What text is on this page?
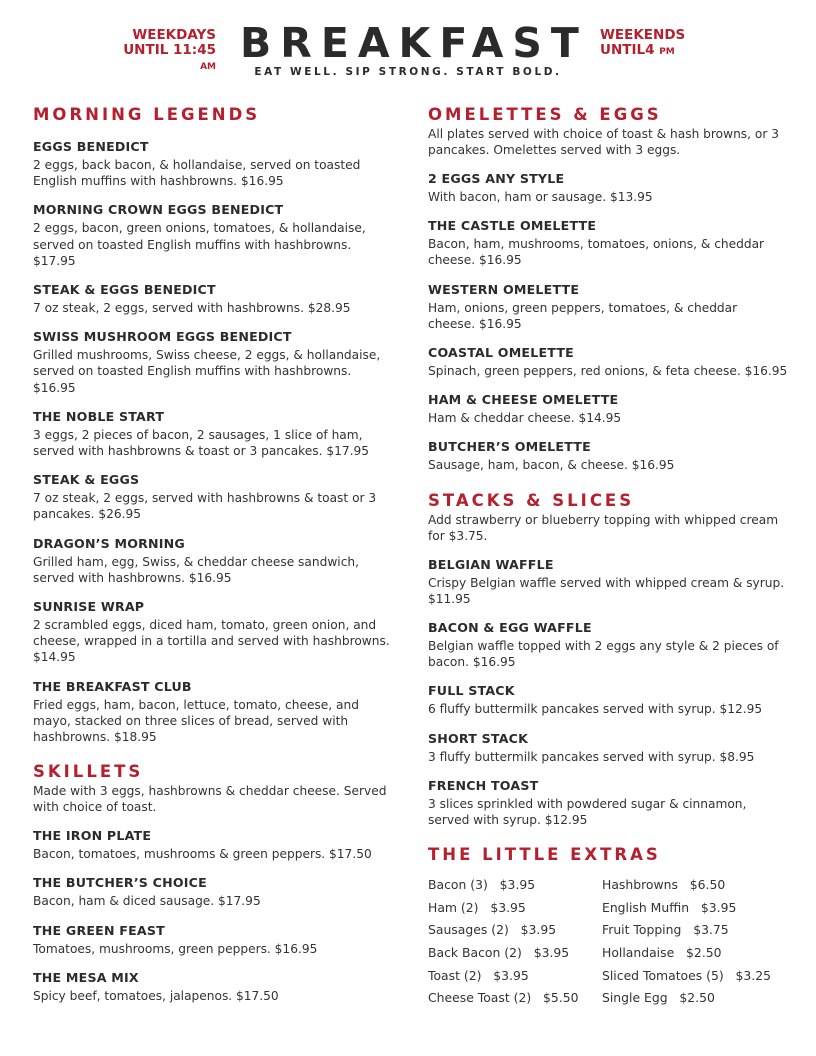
WEEKDAYS
UNTIL 11:45 AM BREAKFAST WEEKENDS
UNTIL4 PM
EAT WELL. SIP STRONG. START BOLD.
MORNING LEGENDS
EGGS BENEDICT
2 eggs, back bacon, & hollandaise, served on toasted English muffins with hashbrowns. $16.95
MORNING CROWN EGGS BENEDICT
2 eggs, bacon, green onions, tomatoes, & hollandaise, served on toasted English muffins with hashbrowns. $17.95
STEAK & EGGS BENEDICT
7 oz steak, 2 eggs, served with hashbrowns. $28.95
SWISS MUSHROOM EGGS BENEDICT
Grilled mushrooms, Swiss cheese, 2 eggs, & hollandaise, served on toasted English muffins with hashbrowns. $16.95
THE NOBLE START
3 eggs, 2 pieces of bacon, 2 sausages, 1 slice of ham, served with hashbrowns & toast or 3 pancakes. $17.95
STEAK & EGGS
7 oz steak, 2 eggs, served with hashbrowns & toast or 3 pancakes. $26.95
DRAGON’S MORNING
Grilled ham, egg, Swiss, & cheddar cheese sandwich, served with hashbrowns. $16.95
SUNRISE WRAP
2 scrambled eggs, diced ham, tomato, green onion, and cheese, wrapped in a tortilla and served with hashbrowns. $14.95
THE BREAKFAST CLUB
Fried eggs, ham, bacon, lettuce, tomato, cheese, and mayo, stacked on three slices of bread, served with hashbrowns. $18.95
SKILLETS

Made with 3 eggs, hashbrowns & cheddar cheese. Served with choice of toast.

THE IRON PLATE
Bacon, tomatoes, mushrooms & green peppers. $17.50
THE BUTCHER’S CHOICE
Bacon, ham & diced sausage. $17.95
THE GREEN FEAST
Tomatoes, mushrooms, green peppers. $16.95
THE MESA MIX
Spicy beef, tomatoes, jalapenos. $17.50
OMELETTES & EGGS

All plates served with choice of toast & hash browns, or 3 pancakes. Omelettes served with 3 eggs.

2 EGGS ANY STYLE
With bacon, ham or sausage. $13.95
THE CASTLE OMELETTE
Bacon, ham, mushrooms, tomatoes, onions, & cheddar cheese. $16.95
WESTERN OMELETTE
Ham, onions, green peppers, tomatoes, & cheddar cheese. $16.95
COASTAL OMELETTE
Spinach, green peppers, red onions, & feta cheese. $16.95
HAM & CHEESE OMELETTE
Ham & cheddar cheese. $14.95
BUTCHER’S OMELETTE
Sausage, ham, bacon, & cheese. $16.95
STACKS & SLICES

Add strawberry or blueberry topping with whipped cream for $3.75.

BELGIAN WAFFLE
Crispy Belgian waffle served with whipped cream & syrup. $11.95
BACON & EGG WAFFLE
Belgian waffle topped with 2 eggs any style & 2 pieces of bacon. $16.95
FULL STACK
6 fluffy buttermilk pancakes served with syrup. $12.95
SHORT STACK
3 fluffy buttermilk pancakes served with syrup. $8.95
FRENCH TOAST
3 slices sprinkled with powdered sugar & cinnamon, served with syrup. $12.95
THE LITTLE EXTRAS
Bacon (3) $3.95
Ham (2) $3.95
Sausages (2) $3.95
Back Bacon (2) $3.95
Toast (2) $3.95
Cheese Toast (2) $5.50
Hashbrowns $6.50
English Muffin $3.95
Fruit Topping $3.75
Hollandaise $2.50
Sliced Tomatoes (5) $3.25
Single Egg $2.50
